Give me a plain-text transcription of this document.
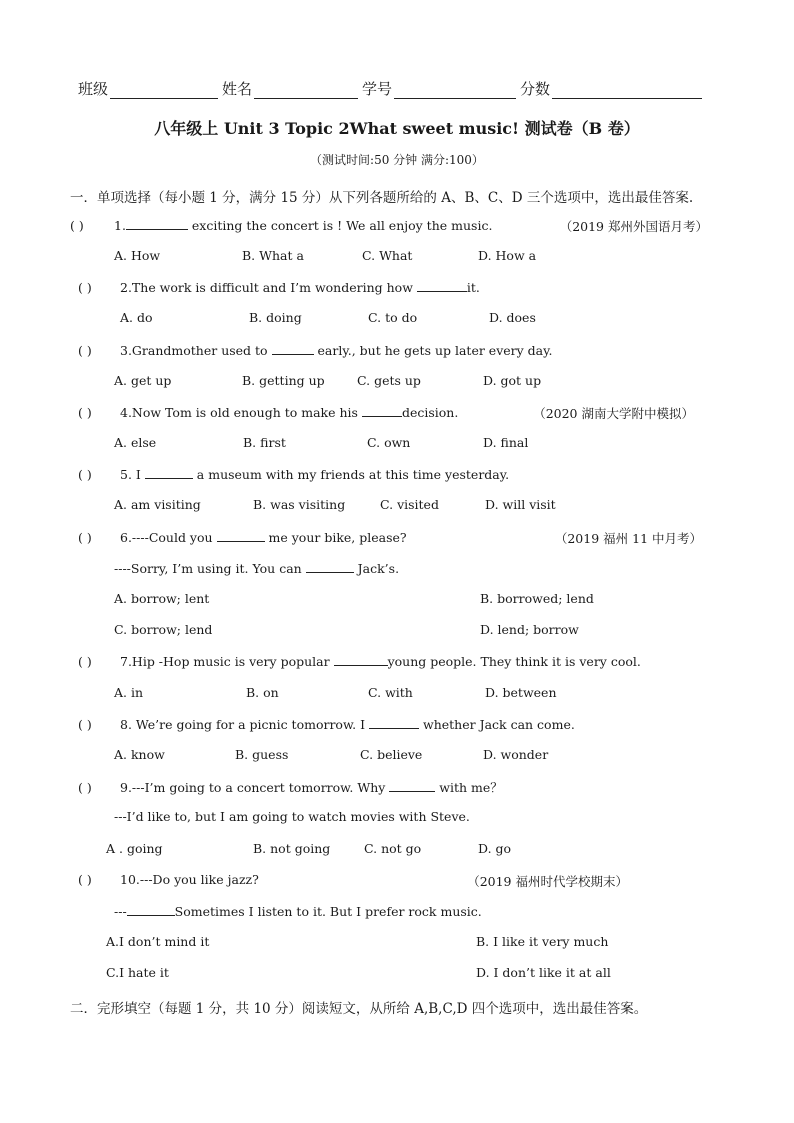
班级	姓名	学号	分数
八年级上 Unit 3 Topic 2What sweet music! 测试卷（B 卷）
（测试时间:50 分钟 满分:100）
一．单项选择（每小题 1 分，满分 15 分）从下列各题所给的 A、B、C、D 三个选项中，选出最佳答案.
( ) 1.	exciting the concert is ! We all enjoy the music.	（2019 郑州外国语月考）
A. How	B. What a	C. What	D. How a
( ) 2.The work is difficult and I’m wondering how	it.
A. do	B. doing	C. to do	D. does
( ) 3.Grandmother used to	early., but he gets up later every day.
A. get up	B. getting up	C. gets up	D. got up
( ) 4.Now Tom is old enough to make his	decision.	（2020 湖南大学附中模拟）
A. else	B. first	C. own	D. final
( ) 5. I	a museum with my friends at this time yesterday.
A. am visiting	B. was visiting	C. visited	D. will visit
( ) 6.----Could you	me your bike, please?	（2019 福州 11 中月考）
----Sorry, I’m using it. You can	Jack’s.
A. borrow; lent	B. borrowed; lend
C. borrow; lend	D. lend; borrow
( ) 7.Hip -Hop music is very popular	young people. They think it is very cool.
A. in	B. on	C. with	D. between
( ) 8. We’re going for a picnic tomorrow. I	whether Jack can come.
A. know	B. guess	C. believe	D. wonder
( ) 9.---I’m going to a concert tomorrow. Why	with me？
---I’d like to, but I am going to watch movies with Steve.
A . going	B. not going	C. not go	D. go
( ) 10.---Do you like jazz?	（2019 福州时代学校期末）
---	Sometimes I listen to it. But I prefer rock music.
A.I don’t mind it	B. I like it very much
C.I hate it	D. I don’t like it at all
二．完形填空（每题 1 分，共 10 分）阅读短文，从所给 A,B,C,D 四个选项中，选出最佳答案。
